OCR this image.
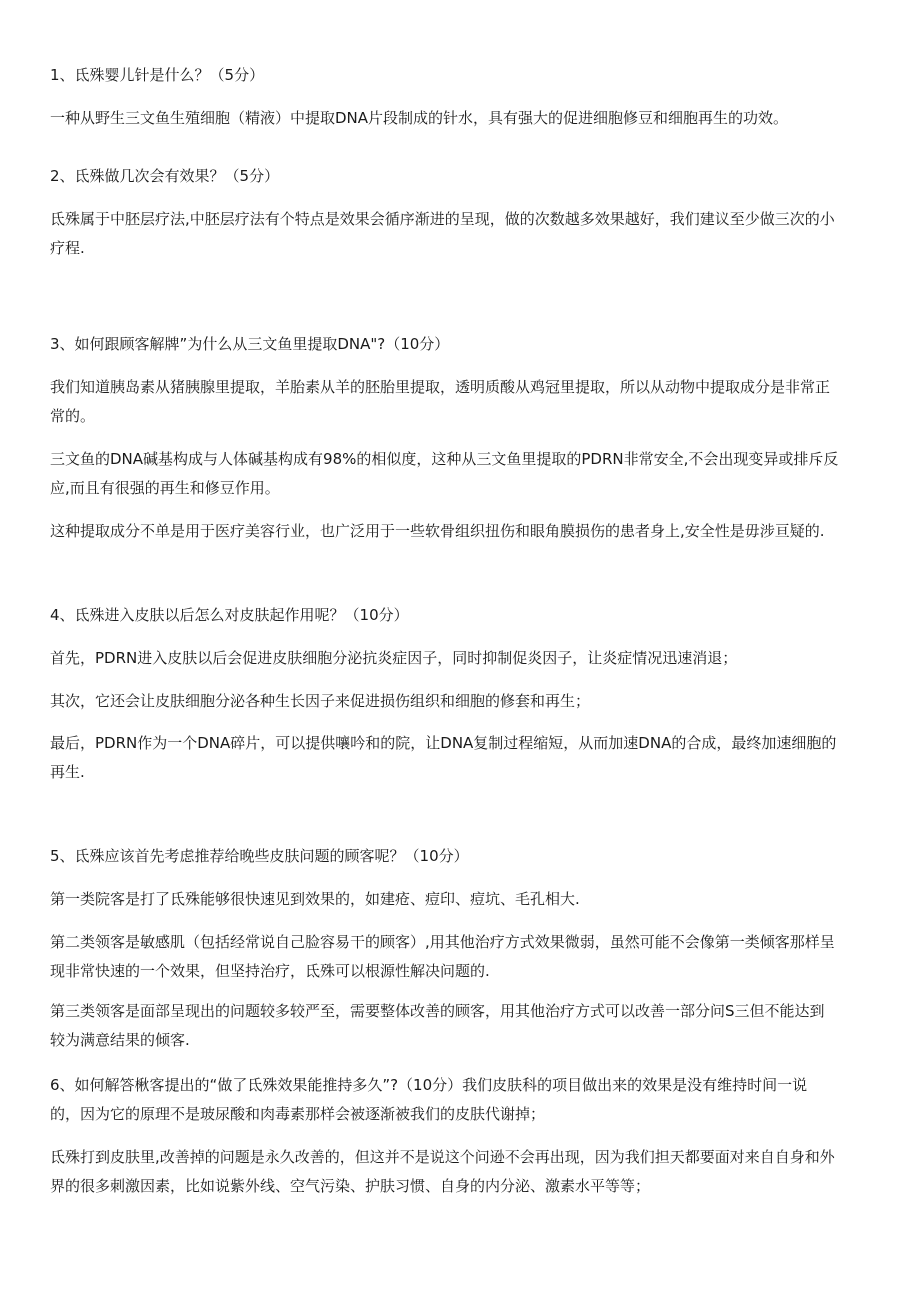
1、氐殊婴儿针是什么？（5分）

一种从野生三文鱼生殖细胞（精液）中提取DNA片段制成的针水，具有强大的促进细胞修豆和细胞再生的功效。

2、氐殊做几次会有效果？（5分）

氐殊属于中胚层疗法,中胚层疗法有个特点是效果会循序渐进的呈现，做的次数越多效果越好，我们建议至少做三次的小
疗程.

3、如何跟顾客解牌”为什么从三文鱼里提取DNA"?（10分）

我们知道胰岛素从猪胰腺里提取，羊胎素从羊的胚胎里提取，透明质酸从鸡冠里提取，所以从动物中提取成分是非常正
常的。

三文鱼的DNA碱基构成与人体碱基构成有98%的相似度，这种从三文鱼里提取的PDRN非常安全,不会出现变异或排斥反
应,而且有很强的再生和修豆作用。

这种提取成分不单是用于医疗美容行业，也广泛用于一些软骨组织扭伤和眼角膜损伤的患者身上,安全性是毋涉亘疑的.

4、氐殊进入皮肤以后怎么对皮肤起作用呢？（10分）

首先，PDRN进入皮肤以后会促进皮肤细胞分泌抗炎症因子，同时抑制促炎因子，让炎症情况迅速消退；

其次，它还会让皮肤细胞分泌各种生长因子来促进损伤组织和细胞的修套和再生；

最后，PDRN作为一个DNA碎片，可以提供嚷吟和的院，让DNA复制过程缩短，从而加速DNA的合成，最终加速细胞的
再生.

5、氐殊应该首先考虑推荐给晚些皮肤问题的顾客呢？（10分）

第一类院客是打了氐殊能够很快速见到效果的，如建疮、痘印、痘坑、毛孔相大.

第二类领客是敏感肌（包括经常说自己脸容易干的顾客）,用其他治疗方式效果微弱，虽然可能不会像第一类倾客那样呈
现非常快速的一个效果，但坚持治疗，氐殊可以根源性解决问题的.

第三类领客是面部呈现出的问题较多较严至，需要整体改善的顾客，用其他治疗方式可以改善一部分问S三但不能达到
较为满意结果的倾客.

6、如何解答楸客提出的“做了氐殊效果能推持多久”?（10分）我们皮肤科的项目做出来的效果是没有维持时间一说
的，因为它的原理不是玻尿酸和肉毒素那样会被逐渐被我们的皮肤代谢掉；

氐殊打到皮肤里,改善掉的问题是永久改善的，但这并不是说这个问逊不会再出现，因为我们担天都要面对来自自身和外
界的很多刺激因素，比如说紫外线、空气污染、护肤习惯、自身的内分泌、激素水平等等；
